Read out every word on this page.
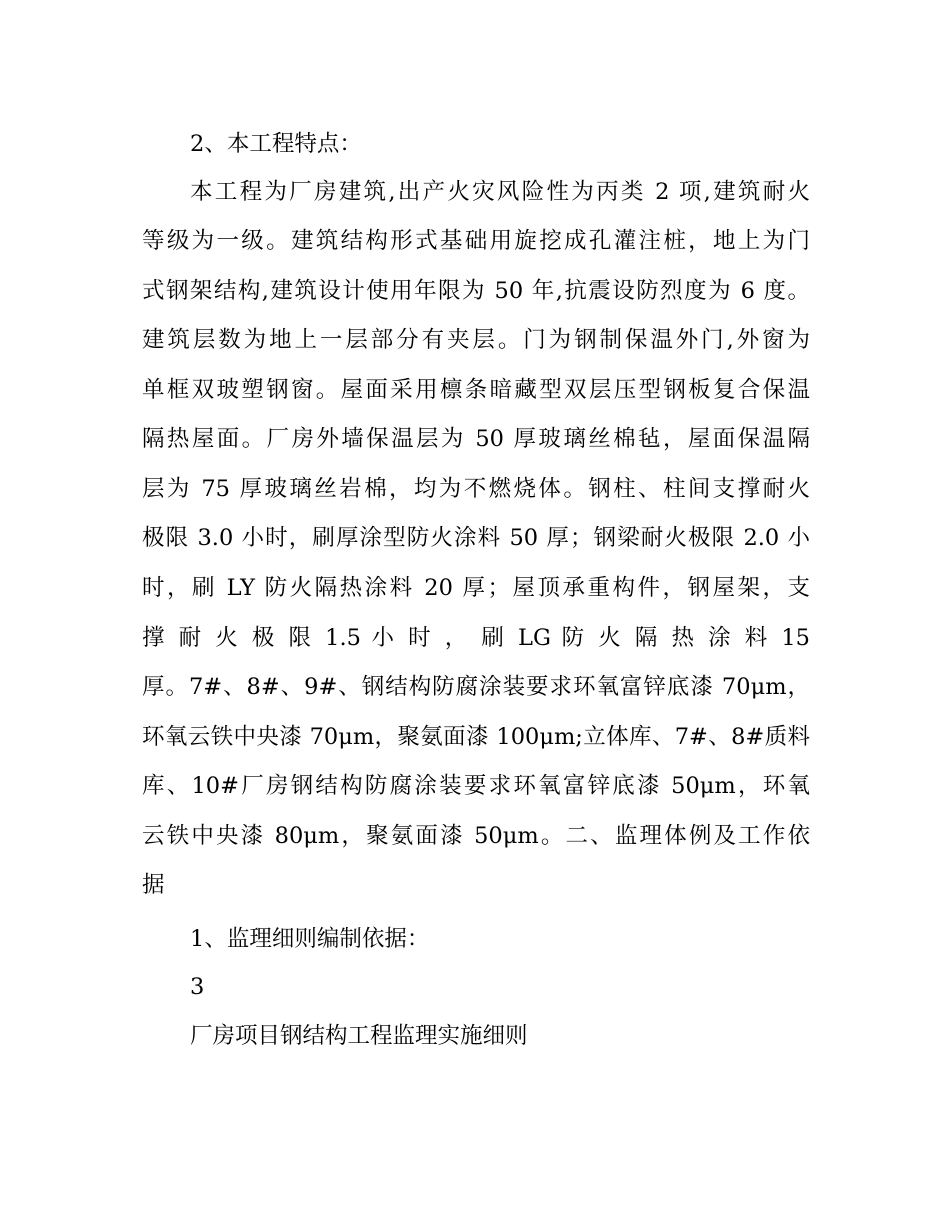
2、本工程特点：
本工程为厂房建筑,出产火灾风险性为丙类 2 项,建筑耐火
等级为一级。建筑结构形式基础用旋挖成孔灌注桩，地上为门
式钢架结构,建筑设计使用年限为 50 年,抗震设防烈度为 6 度。
建筑层数为地上一层部分有夹层。门为钢制保温外门,外窗为
单框双玻塑钢窗。屋面采用檩条暗藏型双层压型钢板复合保温
隔热屋面。厂房外墙保温层为 50 厚玻璃丝棉毡，屋面保温隔
层为 75 厚玻璃丝岩棉，均为不燃烧体。钢柱、柱间支撑耐火
极限 3.0 小时，刷厚涂型防火涂料 50 厚；钢梁耐火极限 2.0 小
时，刷 LY 防火隔热涂料 20 厚；屋顶承重构件，钢屋架，支
撑 耐 火 极 限 1.5 小 时 ， 刷 LG 防 火 隔 热 涂 料 15
厚。7#、8#、9#、钢结构防腐涂装要求环氧富锌底漆 70μm，
环氧云铁中央漆 70μm，聚氨面漆 100μm;立体库、7#、8#质料
库、10#厂房钢结构防腐涂装要求环氧富锌底漆 50μm，环氧
云铁中央漆 80μm，聚氨面漆 50μm。二、监理体例及工作依
据
1、监理细则编制依据：
3
厂房项目钢结构工程监理实施细则
